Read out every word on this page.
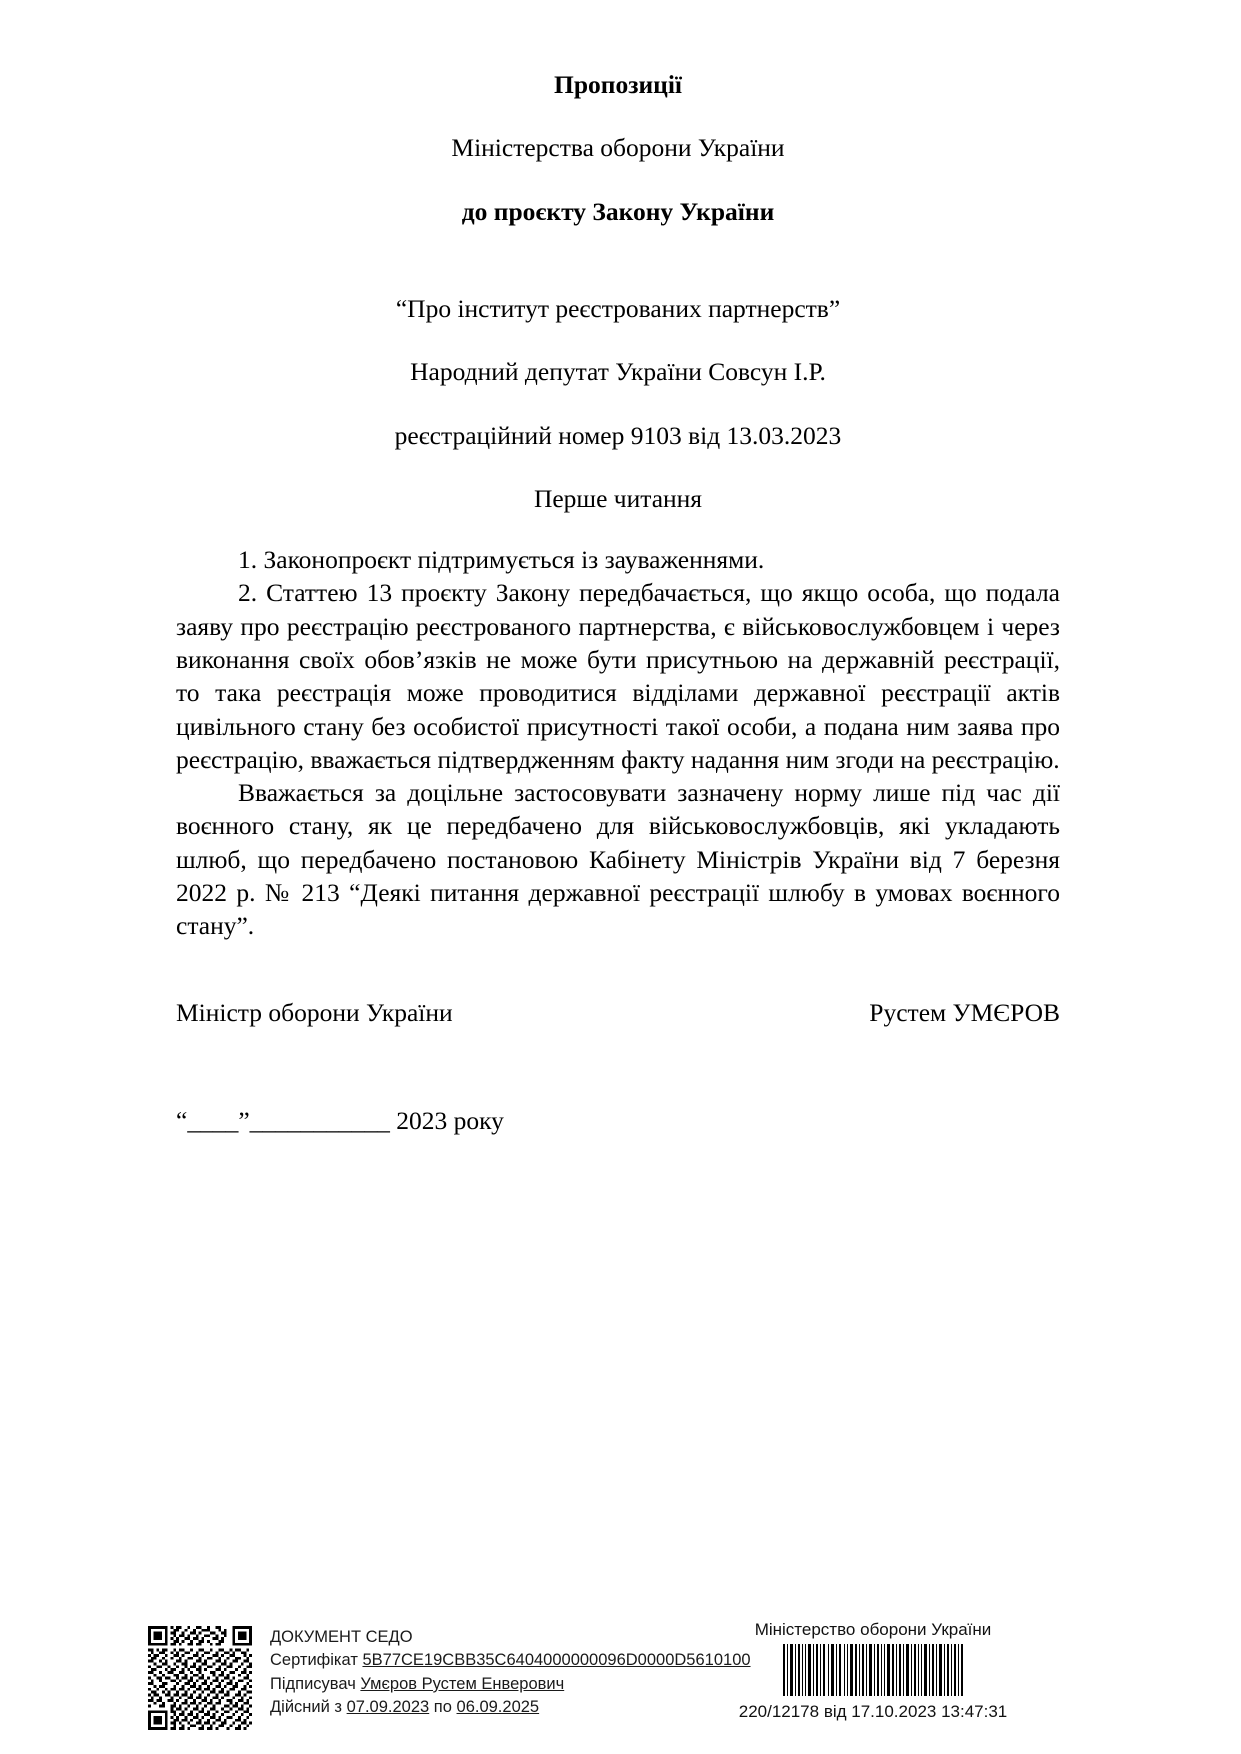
Пропозиції
Міністерства оборони України
до проєкту Закону України
“Про інститут реєстрованих партнерств”
Народний депутат України Совсун І.Р.
реєстраційний номер 9103 від 13.03.2023
Перше читання

1. Законопроєкт підтримується із зауваженнями.

2. Статтею 13 проєкту Закону передбачається, що якщо особа, що подала заяву про реєстрацію реєстрованого партнерства, є військовослужбовцем і через виконання своїх обов’язків не може бути присутньою на державній реєстрації, то така реєстрація може проводитися відділами державної реєстрації актів цивільного стану без особистої присутності такої особи, а подана ним заява про реєстрацію, вважається підтвердженням факту надання ним згоди на реєстрацію.

Вважається за доцільне застосовувати зазначену норму лише під час дії воєнного стану, як це передбачено для військовослужбовців, які укладають шлюб, що передбачено постановою Кабінету Міністрів України від 7 березня 2022 р. № 213 “Деякі питання державної реєстрації шлюбу в умовах воєнного стану”.

Міністр оборони України	Рустем УМЄРОВ
“____”___________ 2023 року
ДОКУМЕНТ СЕДО
Сертифікат 5B77CE19CBB35C6404000000096D0000D5610100
Підписувач Умєров Рустем Енверович
Дійсний з 07.09.2023 по 06.09.2025
Міністерство оборони України
220/12178 від 17.10.2023 13:47:31
